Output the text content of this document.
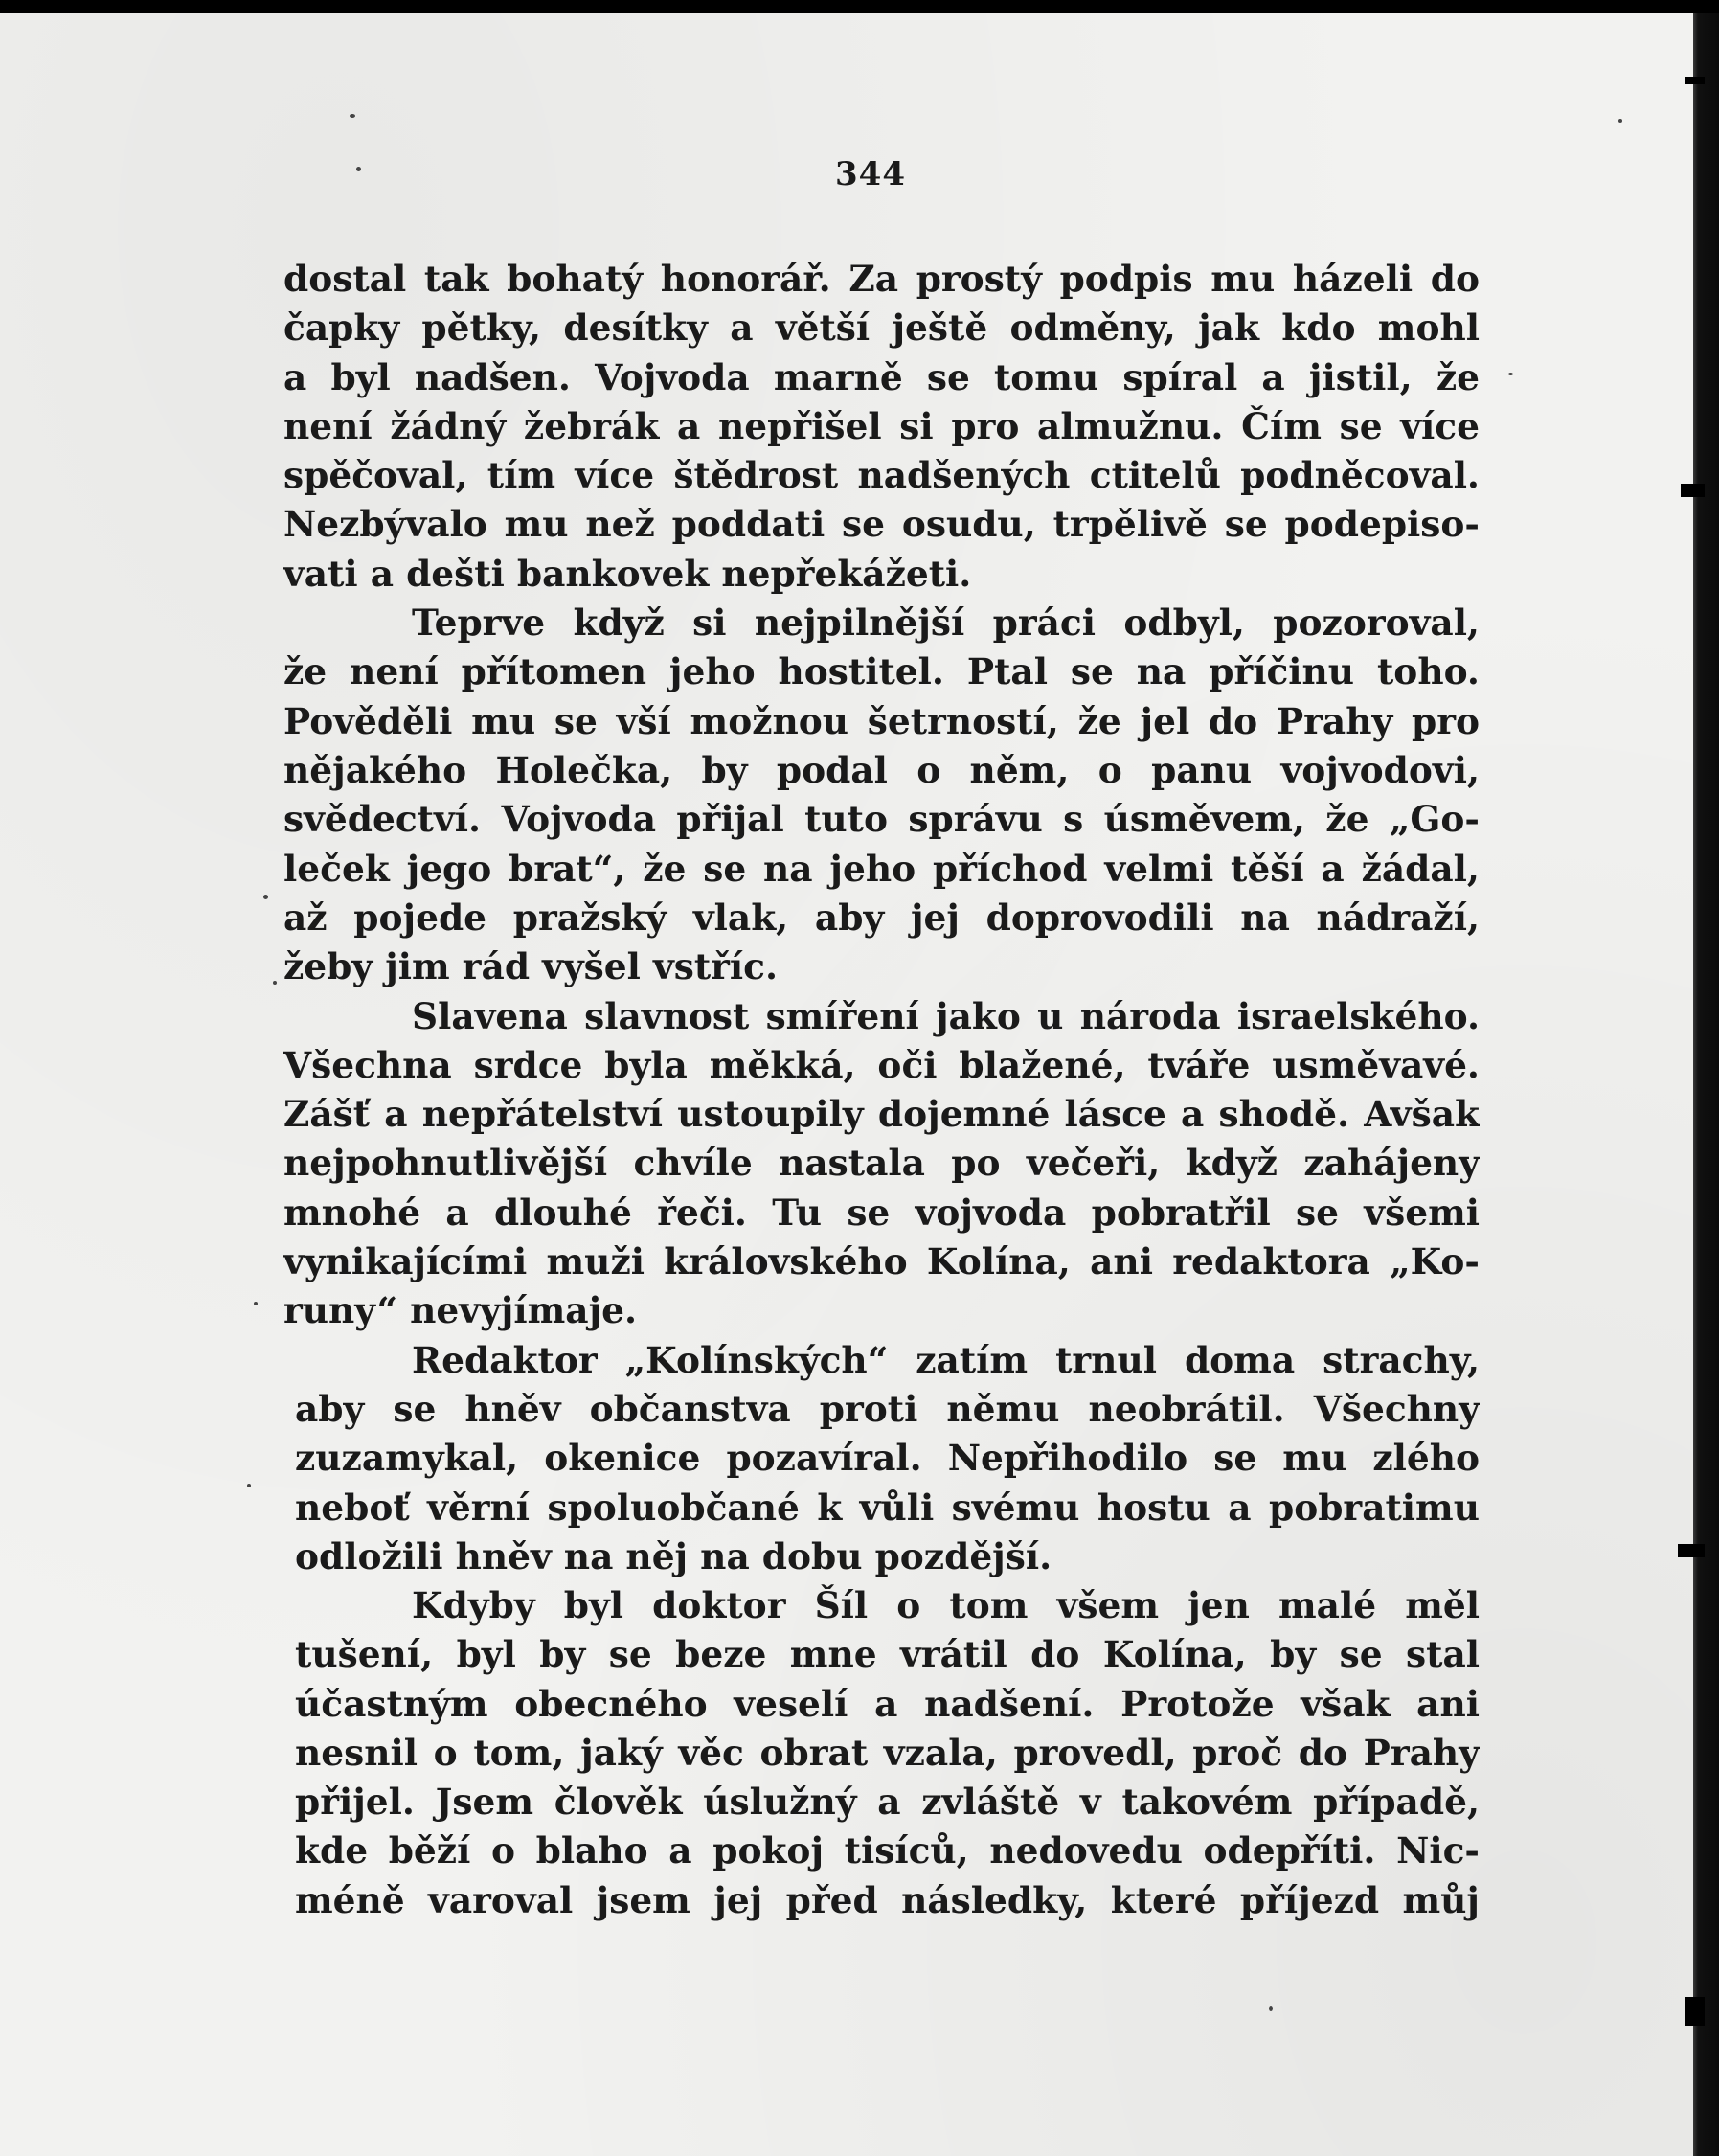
344
dostal tak bohatý honorář. Za prostý podpis mu házeli do
čapky pětky, desítky a větší ještě odměny, jak kdo mohl
a byl nadšen. Vojvoda marně se tomu spíral a jistil, že
není žádný žebrák a nepřišel si pro almužnu. Čím se více
spěčoval, tím více štědrost nadšených ctitelů podněcoval.
Nezbývalo mu než poddati se osudu, trpělivě se podepiso-
vati a dešti bankovek nepřekážeti.
Teprve když si nejpilnější práci odbyl, pozoroval,
že není přítomen jeho hostitel. Ptal se na příčinu toho.
Pověděli mu se vší možnou šetrností, že jel do Prahy pro
nějakého Holečka, by podal o něm, o panu vojvodovi,
svědectví. Vojvoda přijal tuto správu s úsměvem, že „Go-
leček jego brat“, že se na jeho příchod velmi těší a žádal,
až pojede pražský vlak, aby jej doprovodili na nádraží,
žeby jim rád vyšel vstříc.
Slavena slavnost smíření jako u národa israelského.
Všechna srdce byla měkká, oči blažené, tváře usměvavé.
Zášť a nepřátelství ustoupily dojemné lásce a shodě. Avšak
nejpohnutlivější chvíle nastala po večeři, když zahájeny
mnohé a dlouhé řeči. Tu se vojvoda pobratřil se všemi
vynikajícími muži královského Kolína, ani redaktora „Ko-
runy“ nevyjímaje.
Redaktor „Kolínských“ zatím trnul doma strachy,
aby se hněv občanstva proti němu neobrátil. Všechny
zuzamykal, okenice pozavíral. Nepřihodilo se mu zlého
neboť věrní spoluobčané k vůli svému hostu a pobratimu
odložili hněv na něj na dobu pozdější.
Kdyby byl doktor Šíl o tom všem jen malé měl
tušení, byl by se beze mne vrátil do Kolína, by se stal
účastným obecného veselí a nadšení. Protože však ani
nesnil o tom, jaký věc obrat vzala, provedl, proč do Prahy
přijel. Jsem člověk úslužný a zvláště v takovém případě,
kde běží o blaho a pokoj tisíců, nedovedu odepříti. Nic-
méně varoval jsem jej před následky, které příjezd můj
